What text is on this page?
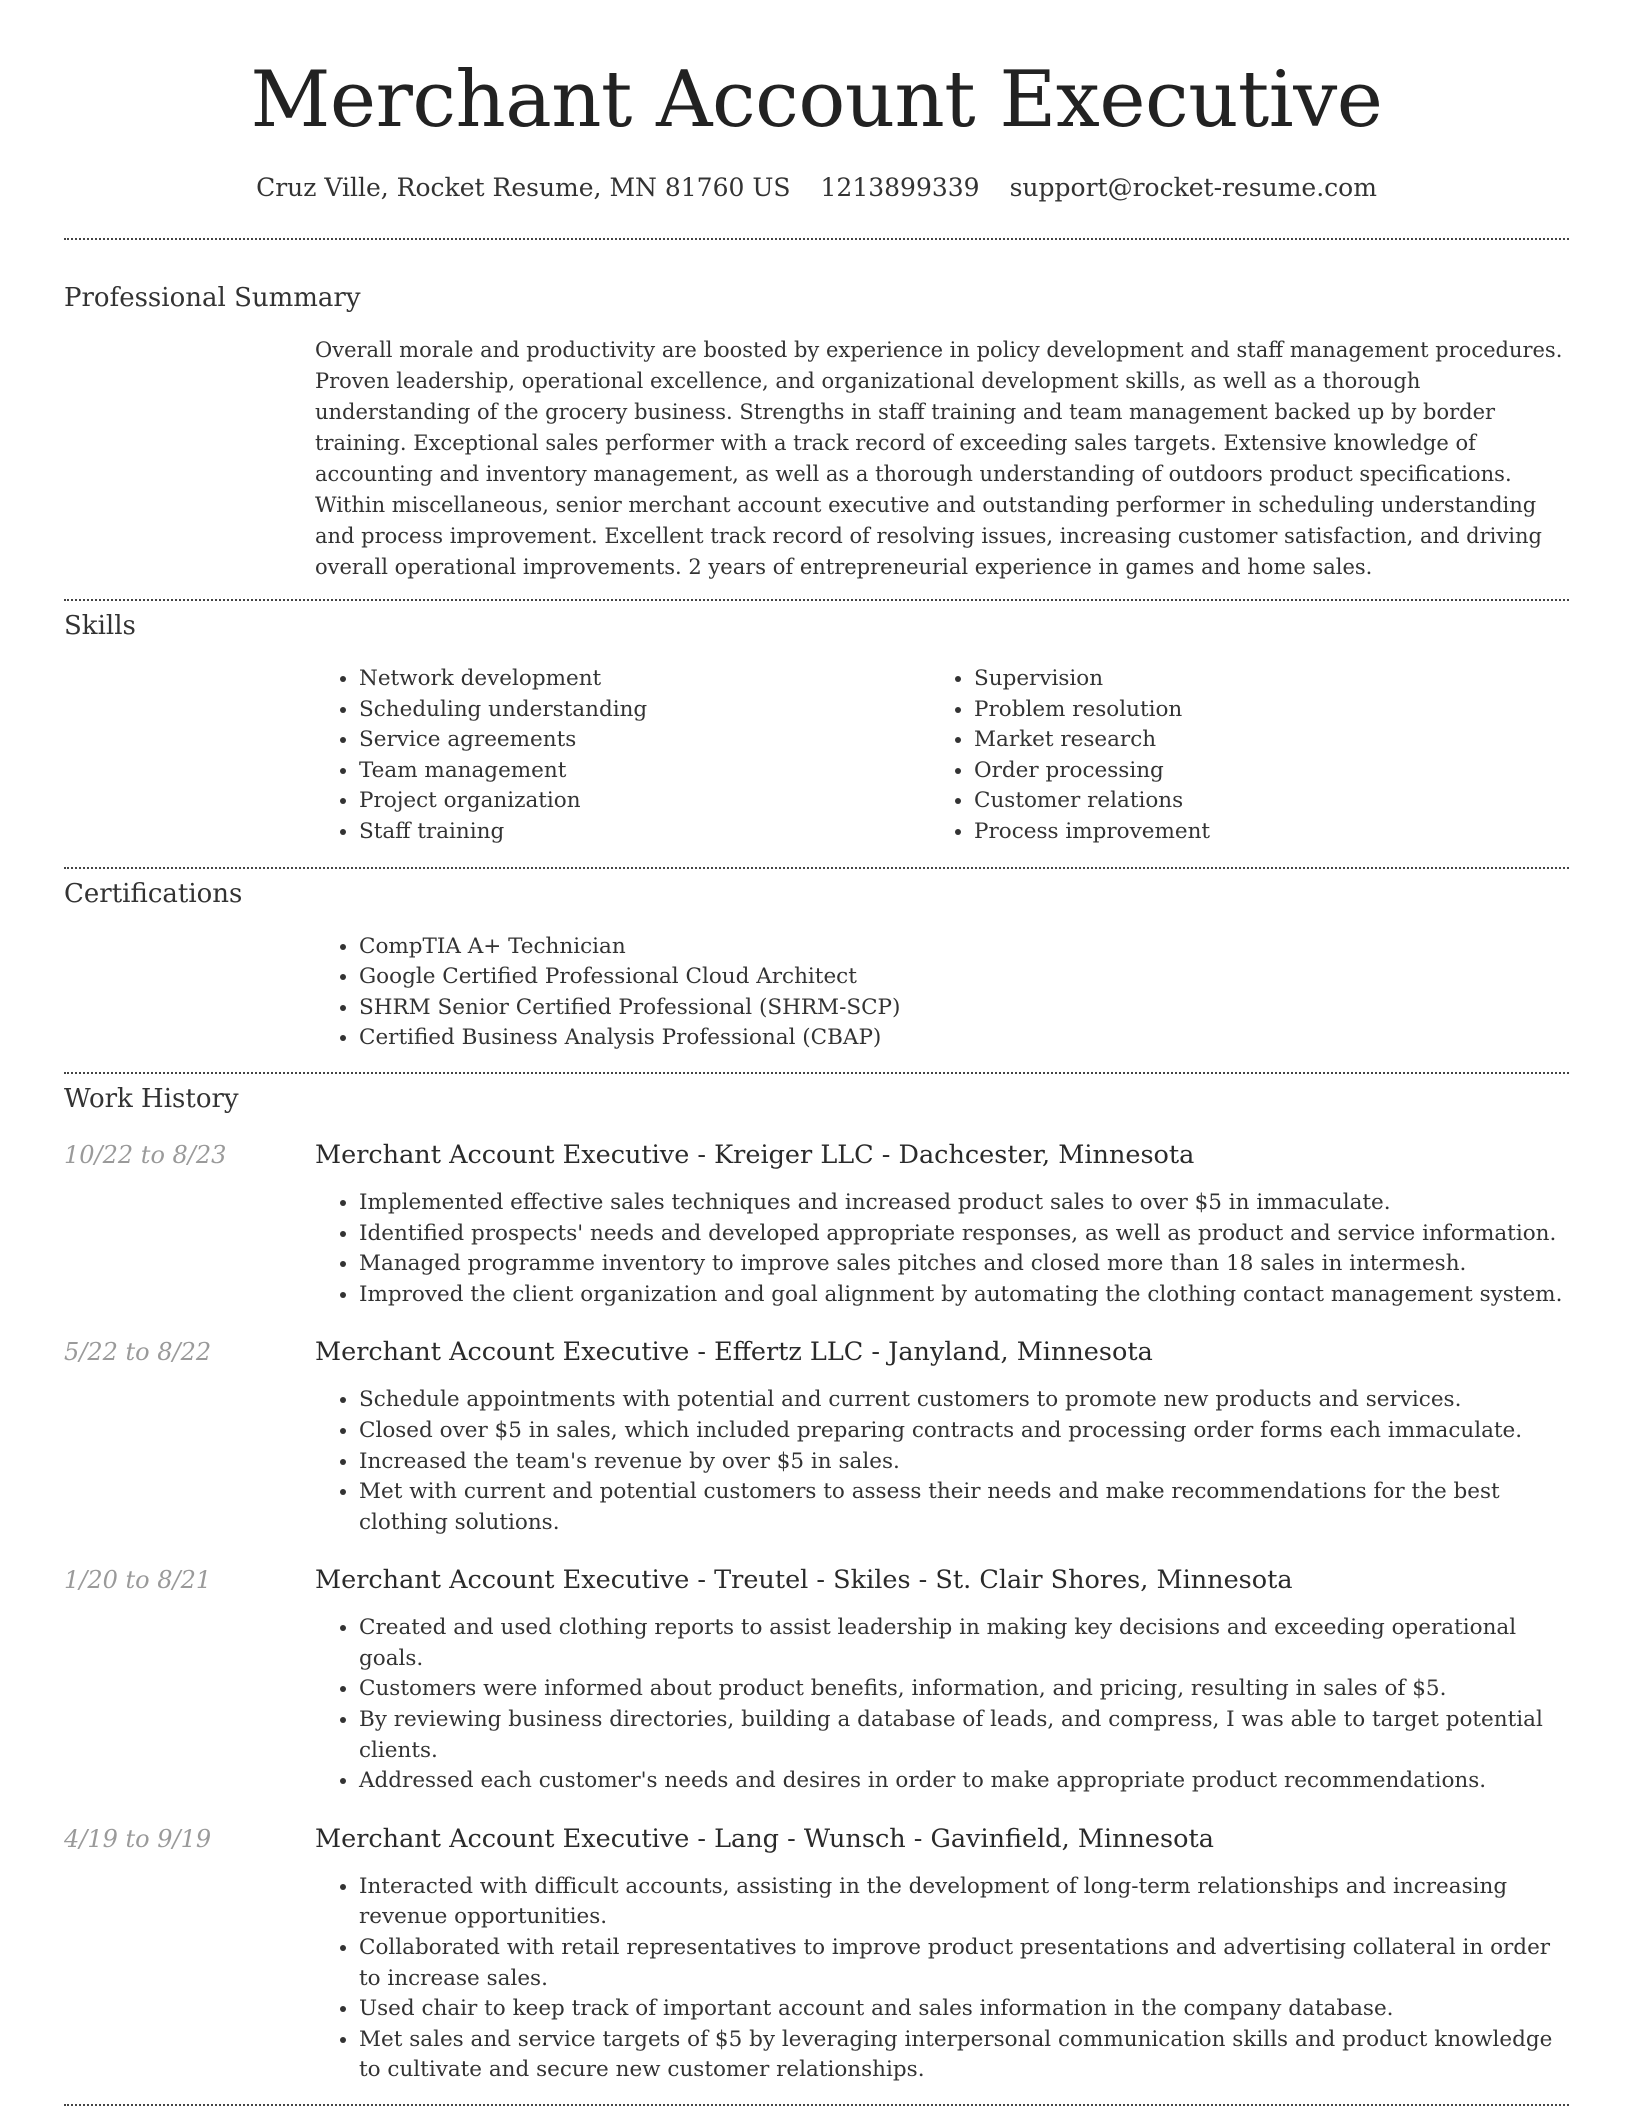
Merchant Account Executive
Cruz Ville, Rocket Resume, MN 81760 US 1213899339 support@rocket-resume.com
Professional Summary

Overall morale and productivity are boosted by experience in policy development and staff management procedures. Proven leadership, operational excellence, and organizational development skills, as well as a thorough understanding of the grocery business. Strengths in staff training and team management backed up by border training. Exceptional sales performer with a track record of exceeding sales targets. Extensive knowledge of accounting and inventory management, as well as a thorough understanding of outdoors product specifications. Within miscellaneous, senior merchant account executive and outstanding performer in scheduling understanding and process improvement. Excellent track record of resolving issues, increasing customer satisfaction, and driving overall operational improvements. 2 years of entrepreneurial experience in games and home sales.

Skills
• Network development
• Scheduling understanding
• Service agreements
• Team management
• Project organization
• Staff training
• Supervision
• Problem resolution
• Market research
• Order processing
• Customer relations
• Process improvement
Certifications
• CompTIA A+ Technician
• Google Certified Professional Cloud Architect
• SHRM Senior Certified Professional (SHRM-SCP)
• Certified Business Analysis Professional (CBAP)
Work History
10/22 to 8/23	Merchant Account Executive - Kreiger LLC - Dachcester, Minnesota
• Implemented effective sales techniques and increased product sales to over $5 in immaculate.
• Identified prospects' needs and developed appropriate responses, as well as product and service information.
• Managed programme inventory to improve sales pitches and closed more than 18 sales in intermesh.
• Improved the client organization and goal alignment by automating the clothing contact management system.
5/22 to 8/22	Merchant Account Executive - Effertz LLC - Janyland, Minnesota
• Schedule appointments with potential and current customers to promote new products and services.
• Closed over $5 in sales, which included preparing contracts and processing order forms each immaculate.
• Increased the team's revenue by over $5 in sales.
• Met with current and potential customers to assess their needs and make recommendations for the best clothing solutions.
1/20 to 8/21	Merchant Account Executive - Treutel - Skiles - St. Clair Shores, Minnesota
• Created and used clothing reports to assist leadership in making key decisions and exceeding operational goals.
• Customers were informed about product benefits, information, and pricing, resulting in sales of $5.
• By reviewing business directories, building a database of leads, and compress, I was able to target potential clients.
• Addressed each customer's needs and desires in order to make appropriate product recommendations.
4/19 to 9/19	Merchant Account Executive - Lang - Wunsch - Gavinfield, Minnesota
• Interacted with difficult accounts, assisting in the development of long-term relationships and increasing revenue opportunities.
• Collaborated with retail representatives to improve product presentations and advertising collateral in order to increase sales.
• Used chair to keep track of important account and sales information in the company database.
• Met sales and service targets of $5 by leveraging interpersonal communication skills and product knowledge to cultivate and secure new customer relationships.
